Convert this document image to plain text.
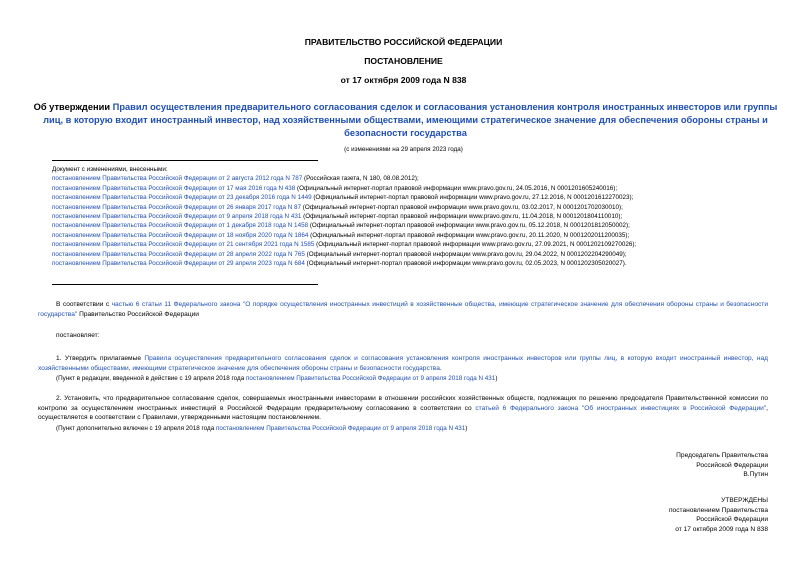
ПРАВИТЕЛЬСТВО РОССИЙСКОЙ ФЕДЕРАЦИИ
ПОСТАНОВЛЕНИЕ
от 17 октября 2009 года N 838
Об утверждении Правил осуществления предварительного согласования сделок и согласования установления контроля иностранных инвесторов или группы лиц, в которую входит иностранный инвестор, над хозяйственными обществами, имеющими стратегическое значение для обеспечения обороны страны и безопасности государства
(с изменениями на 29 апреля 2023 года)
Документ с изменениями, внесенными:
постановлением Правительства Российской Федерации от 2 августа 2012 года N 787 (Российская газета, N 180, 08.08.2012);
постановлением Правительства Российской Федерации от 17 мая 2016 года N 438 (Официальный интернет-портал правовой информации www.pravo.gov.ru, 24.05.2016, N 0001201605240016);
постановлением Правительства Российской Федерации от 23 декабря 2016 года N 1449 (Официальный интернет-портал правовой информации www.pravo.gov.ru, 27.12.2016, N 0001201612270023);
постановлением Правительства Российской Федерации от 26 января 2017 года N 87 (Официальный интернет-портал правовой информации www.pravo.gov.ru, 03.02.2017, N 0001201702030010);
постановлением Правительства Российской Федерации от 9 апреля 2018 года N 431 (Официальный интернет-портал правовой информации www.pravo.gov.ru, 11.04.2018, N 0001201804110010);
постановлением Правительства Российской Федерации от 1 декабря 2018 года N 1458 (Официальный интернет-портал правовой информации www.pravo.gov.ru, 05.12.2018, N 0001201812050002);
постановлением Правительства Российской Федерации от 18 ноября 2020 года N 1864 (Официальный интернет-портал правовой информации www.pravo.gov.ru, 20.11.2020, N 0001202011200035);
постановлением Правительства Российской Федерации от 21 сентября 2021 года N 1585 (Официальный интернет-портал правовой информации www.pravo.gov.ru, 27.09.2021, N 0001202109270026);
постановлением Правительства Российской Федерации от 28 апреля 2022 года N 765 (Официальный интернет-портал правовой информации www.pravo.gov.ru, 29.04.2022, N 0001202204290049);
постановлением Правительства Российской Федерации от 29 апреля 2023 года N 684 (Официальный интернет-портал правовой информации www.pravo.gov.ru, 02.05.2023, N 0001202305020027).
В соответствии с частью 6 статьи 11 Федерального закона "О порядке осуществления иностранных инвестиций в хозяйственные общества, имеющие стратегическое значение для обеспечения обороны страны и безопасности государства" Правительство Российской Федерации
постановляет:
1. Утвердить прилагаемые Правила осуществления предварительного согласования сделок и согласования установления контроля иностранных инвесторов или группы лиц, в которую входит иностранный инвестор, над хозяйственными обществами, имеющими стратегическое значение для обеспечения обороны страны и безопасности государства.
(Пункт в редакции, введенной в действие с 19 апреля 2018 года постановлением Правительства Российской Федерации от 9 апреля 2018 года N 431)
2. Установить, что предварительное согласование сделок, совершаемых иностранными инвесторами в отношении российских хозяйственных обществ, подлежащих по решению председателя Правительственной комиссии по контролю за осуществлением иностранных инвестиций в Российской Федерации предварительному согласованию в соответствии со статьей 6 Федерального закона "Об иностранных инвестициях в Российской Федерации", осуществляется в соответствии с Правилами, утвержденными настоящим постановлением.
(Пункт дополнительно включен с 19 апреля 2018 года постановлением Правительства Российской Федерации от 9 апреля 2018 года N 431)
Председатель Правительства
Российской Федерации
В.Путин
УТВЕРЖДЕНЫ
постановлением Правительства
Российской Федерации
от 17 октября 2009 года N 838
